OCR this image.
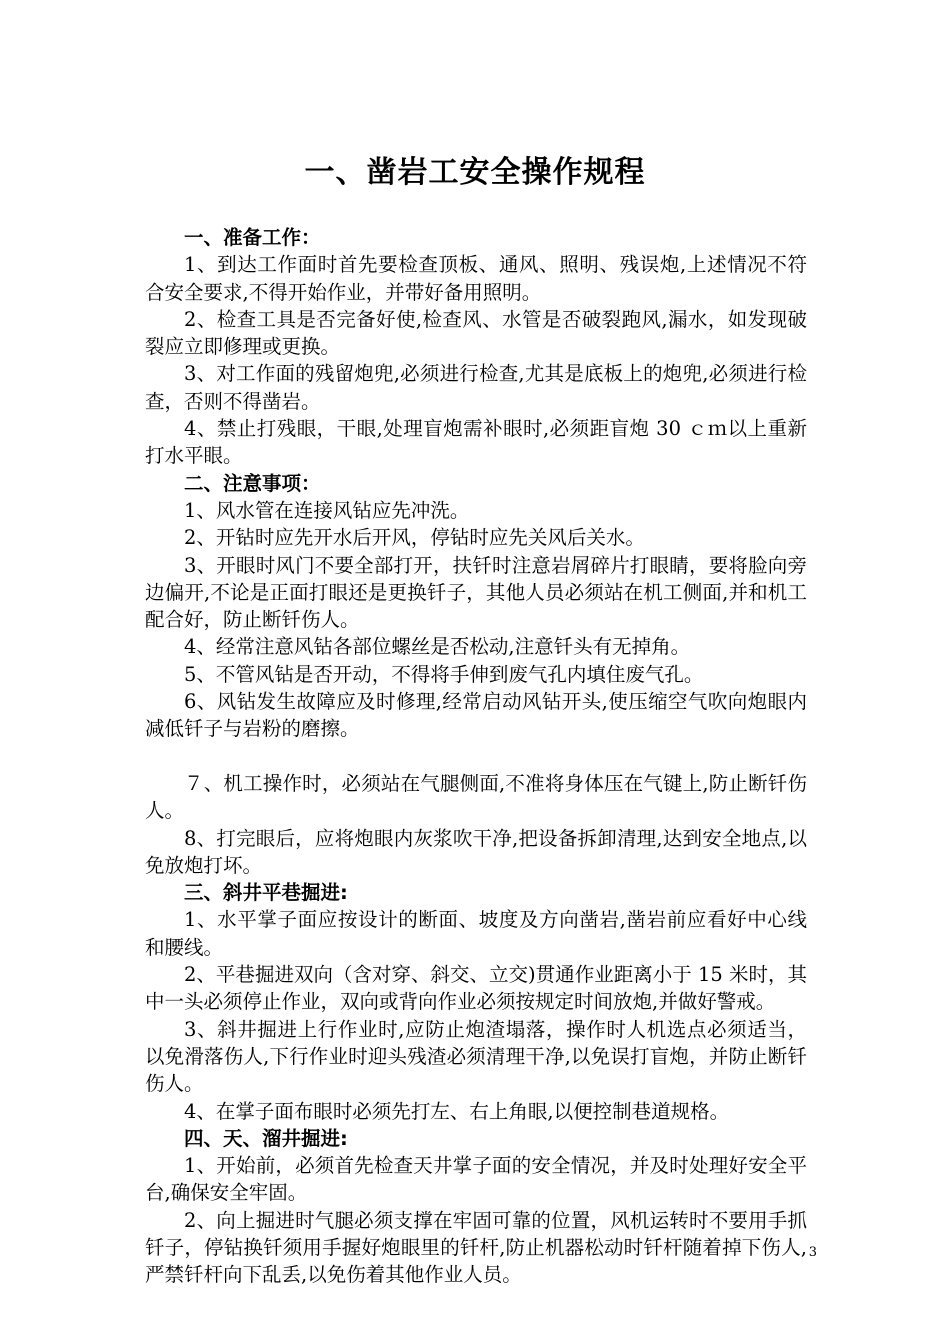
一、凿岩工安全操作规程

一、准备工作：

1、到达工作面时首先要检查顶板、通风、照明、残误炮,上述情况不符合安全要求,不得开始作业，并带好备用照明。

2、检查工具是否完备好使,检查风、水管是否破裂跑风,漏水，如发现破裂应立即修理或更换。

3、对工作面的残留炮兜,必须进行检查,尤其是底板上的炮兜,必须进行检查，否则不得凿岩。

4、禁止打残眼，干眼,处理盲炮需补眼时,必须距盲炮 30 ｃｍ以上重新打水平眼。

二、注意事项：

1、风水管在连接风钻应先冲洗。

2、开钻时应先开水后开风，停钻时应先关风后关水。

3、开眼时风门不要全部打开，扶钎时注意岩屑碎片打眼睛，要将脸向旁边偏开,不论是正面打眼还是更换钎子，其他人员必须站在机工侧面,并和机工配合好，防止断钎伤人。

4、经常注意风钻各部位螺丝是否松动,注意钎头有无掉角。

5、不管风钻是否开动，不得将手伸到废气孔内填住废气孔。

6、风钻发生故障应及时修理,经常启动风钻开头,使压缩空气吹向炮眼内减低钎子与岩粉的磨擦。

７、机工操作时，必须站在气腿侧面,不准将身体压在气键上,防止断钎伤人。

8、打完眼后，应将炮眼内灰浆吹干净,把设备拆卸清理,达到安全地点,以免放炮打坏。

三、斜井平巷掘进:

1、水平掌子面应按设计的断面、坡度及方向凿岩,凿岩前应看好中心线和腰线。

2、平巷掘进双向（含对穿、斜交、立交)贯通作业距离小于 15 米时，其中一头必须停止作业，双向或背向作业必须按规定时间放炮,并做好警戒。

3、斜井掘进上行作业时,应防止炮渣塌落，操作时人机选点必须适当，以免滑落伤人,下行作业时迎头残渣必须清理干净,以免误打盲炮，并防止断钎伤人。

4、在掌子面布眼时必须先打左、右上角眼,以便控制巷道规格。

四、天、溜井掘进:

1、开始前，必须首先检查天井掌子面的安全情况，并及时处理好安全平台,确保安全牢固。

2、向上掘进时气腿必须支撑在牢固可靠的位置，风机运转时不要用手抓钎子，停钻换钎须用手握好炮眼里的钎杆,防止机器松动时钎杆随着掉下伤人,严禁钎杆向下乱丢,以免伤着其他作业人员。

3
